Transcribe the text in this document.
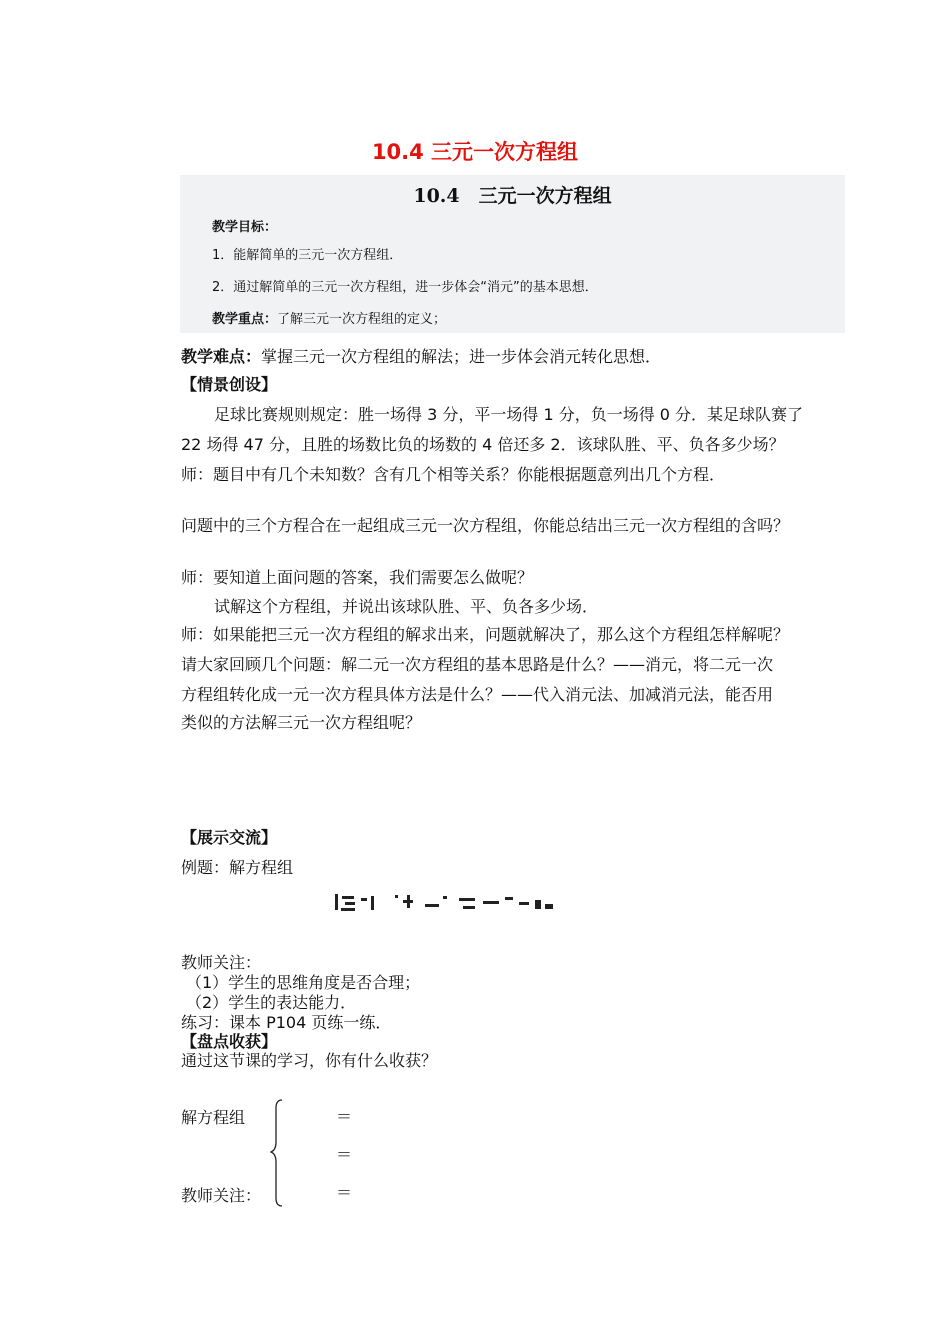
10.4 三元一次方程组
10.4　三元一次方程组
教学目标：
1．能解简单的三元一次方程组．
2．通过解简单的三元一次方程组，进一步体会“消元”的基本思想．
教学重点：了解三元一次方程组的定义；
教学难点：掌握三元一次方程组的解法；进一步体会消元转化思想．
【情景创设】
足球比赛规则规定：胜一场得 3 分，平一场得 1 分，负一场得 0 分．某足球队赛了
22 场得 47 分，且胜的场数比负的场数的 4 倍还多 2．该球队胜、平、负各多少场？
师：题目中有几个未知数？含有几个相等关系？你能根据题意列出几个方程．
问题中的三个方程合在一起组成三元一次方程组，你能总结出三元一次方程组的含吗？
师：要知道上面问题的答案，我们需要怎么做呢？
试解这个方程组，并说出该球队胜、平、负各多少场．
师：如果能把三元一次方程组的解求出来，问题就解决了，那么这个方程组怎样解呢？
请大家回顾几个问题：解二元一次方程组的基本思路是什么？——消元，将二元一次
方程组转化成一元一次方程具体方法是什么？——代入消元法、加减消元法，能否用
类似的方法解三元一次方程组呢？
【展示交流】
例题：解方程组
教师关注：
（1）学生的思维角度是否合理；
（2）学生的表达能力．
练习：课本 P104 页练一练．
【盘点收获】
通过这节课的学习，你有什么收获？
解方程组	＝
＝
＝
教师关注：
